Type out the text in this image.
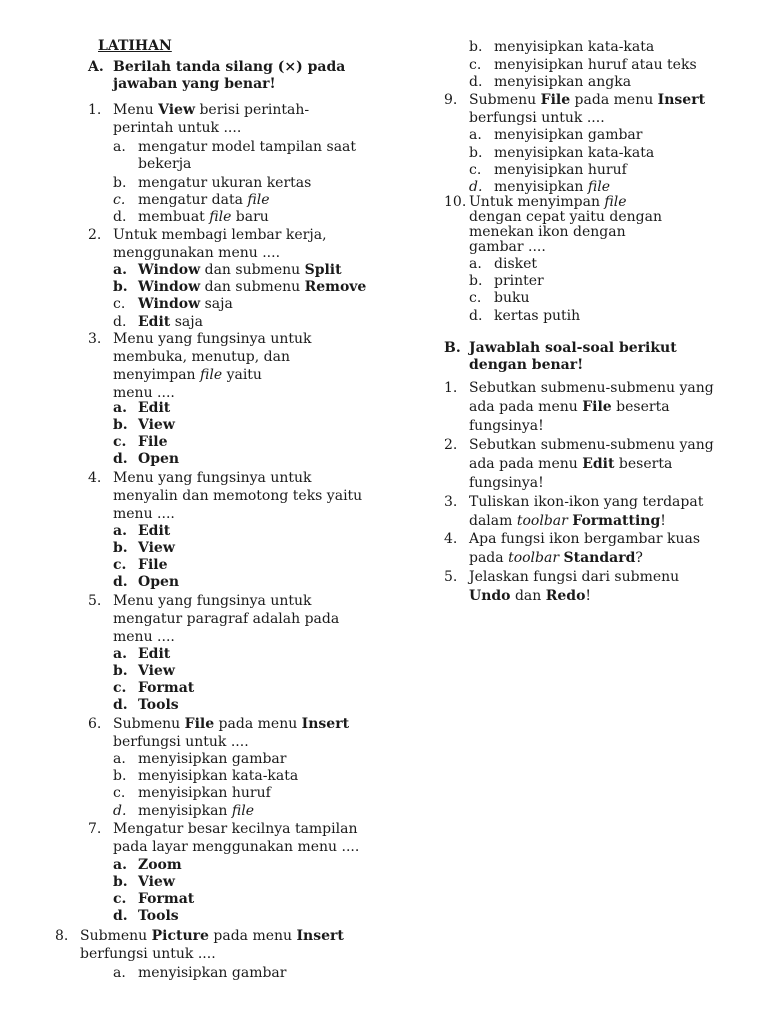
LATIHAN
A. Berilah tanda silang (×) pada
jawaban yang benar!
1. Menu View berisi perintah-
perintah untuk ....
a. mengatur model tampilan saat
bekerja
b. mengatur ukuran kertas
c. mengatur data file
d. membuat file baru
2. Untuk membagi lembar kerja,
menggunakan menu ....
a. Window dan submenu Split
b. Window dan submenu Remove
c. Window saja
d. Edit saja
3. Menu yang fungsinya untuk
membuka, menutup, dan
menyimpan file yaitu
menu ....
a. Edit
b. View
c. File
d. Open
4. Menu yang fungsinya untuk
menyalin dan memotong teks yaitu
menu ....
a. Edit
b. View
c. File
d. Open
5. Menu yang fungsinya untuk
mengatur paragraf adalah pada
menu ....
a. Edit
b. View
c. Format
d. Tools
6. Submenu File pada menu Insert
berfungsi untuk ....
a. menyisipkan gambar
b. menyisipkan kata-kata
c. menyisipkan huruf
d. menyisipkan file
7. Mengatur besar kecilnya tampilan
pada layar menggunakan menu ....
a. Zoom
b. View
c. Format
d. Tools
8. Submenu Picture pada menu Insert
berfungsi untuk ....
a. menyisipkan gambar
b. menyisipkan kata-kata
c. menyisipkan huruf atau teks
d. menyisipkan angka
9. Submenu File pada menu Insert
berfungsi untuk ....
a. menyisipkan gambar
b. menyisipkan kata-kata
c. menyisipkan huruf
d. menyisipkan file
10. Untuk menyimpan file
dengan cepat yaitu dengan
menekan ikon dengan
gambar ....
a. disket
b. printer
c. buku
d. kertas putih
B. Jawablah soal-soal berikut
dengan benar!
1. Sebutkan submenu-submenu yang
ada pada menu File beserta
fungsinya!
2. Sebutkan submenu-submenu yang
ada pada menu Edit beserta
fungsinya!
3. Tuliskan ikon-ikon yang terdapat
dalam toolbar Formatting!
4. Apa fungsi ikon bergambar kuas
pada toolbar Standard?
5. Jelaskan fungsi dari submenu
Undo dan Redo!
